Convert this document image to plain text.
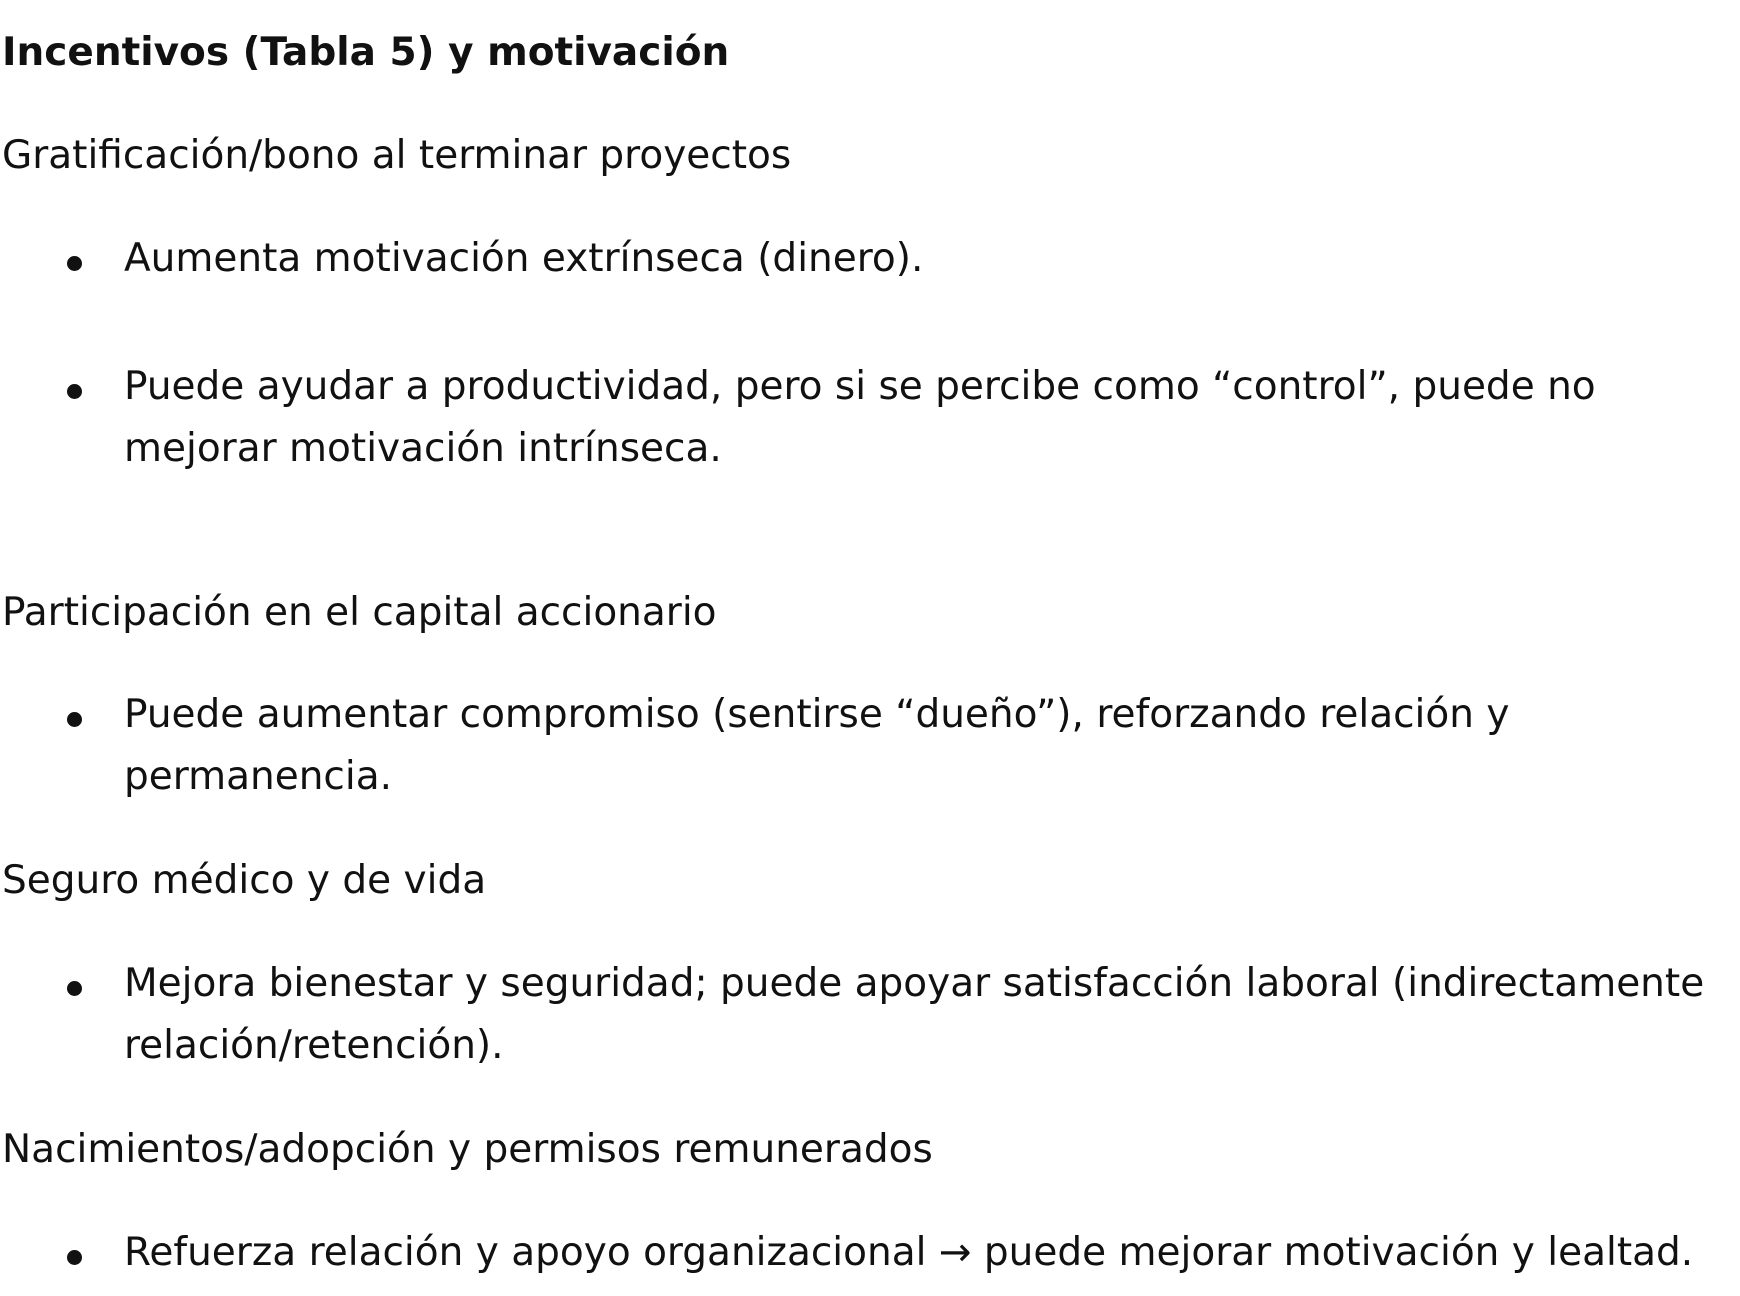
Incentivos (Tabla 5) y motivación
Gratificación/bono al terminar proyectos
Aumenta motivación extrínseca (dinero).
Puede ayudar a productividad, pero si se percibe como “control”, puede no mejorar motivación intrínseca.
Participación en el capital accionario
Puede aumentar compromiso (sentirse “dueño”), reforzando relación y permanencia.
Seguro médico y de vida
Mejora bienestar y seguridad; puede apoyar satisfacción laboral (indirectamente relación/retención).
Nacimientos/adopción y permisos remunerados
Refuerza relación y apoyo organizacional → puede mejorar motivación y lealtad.
